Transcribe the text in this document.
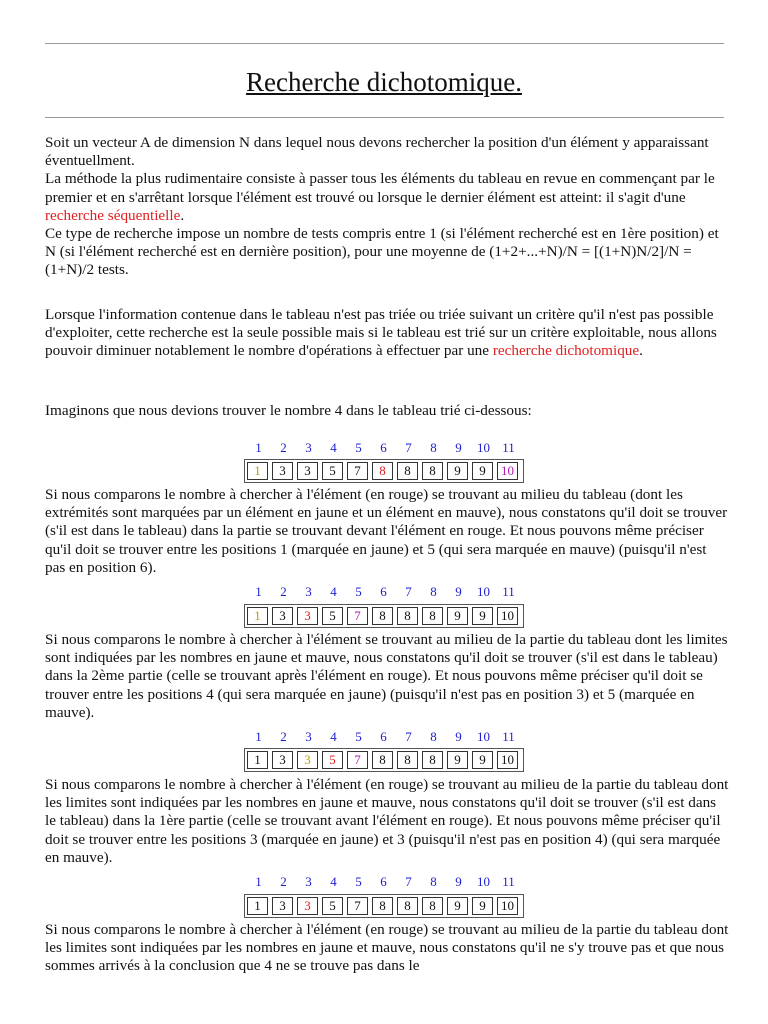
Recherche dichotomique.

Soit un vecteur A de dimension N dans lequel nous devons rechercher la position d'un élément y apparaissant éventuellment.
La méthode la plus rudimentaire consiste à passer tous les éléments du tableau en revue en commençant par le premier et en s'arrêtant lorsque l'élément est trouvé ou lorsque le dernier élément est atteint: il s'agit d'une recherche séquentielle.
Ce type de recherche impose un nombre de tests compris entre 1 (si l'élément recherché est en 1ère position) et N (si l'élément recherché est en dernière position), pour une moyenne de (1+2+...+N)/N = [(1+N)N/2]/N = (1+N)/2 tests.

Lorsque l'information contenue dans le tableau n'est pas triée ou triée suivant un critère qu'il n'est pas possible d'exploiter, cette recherche est la seule possible mais si le tableau est trié sur un critère exploitable, nous allons pouvoir diminuer notablement le nombre d'opérations à effectuer par une recherche dichotomique.

Imaginons que nous devions trouver le nombre 4 dans le tableau trié ci-dessous:

1	2	3	4	5	6	7	8	9	10 11
1 3 3 5 7 8 8 8 9 9 10

Si nous comparons le nombre à chercher à l'élément (en rouge) se trouvant au milieu du tableau (dont les extrémités sont marquées par un élément en jaune et un élément en mauve), nous constatons qu'il doit se trouver (s'il est dans le tableau) dans la partie se trouvant devant l'élément en rouge. Et nous pouvons même préciser qu'il doit se trouver entre les positions 1 (marquée en jaune) et 5 (qui sera marquée en mauve) (puisqu'il n'est pas en position 6).

1	2	3	4	5	6	7	8	9	10 11
1 3 3 5 7 8 8 8 9 9 10

Si nous comparons le nombre à chercher à l'élément se trouvant au milieu de la partie du tableau dont les limites sont indiquées par les nombres en jaune et mauve, nous constatons qu'il doit se trouver (s'il est dans le tableau) dans la 2ème partie (celle se trouvant après l'élément en rouge). Et nous pouvons même préciser qu'il doit se trouver entre les positions 4 (qui sera marquée en jaune) (puisqu'il n'est pas en position 3) et 5 (marquée en mauve).

1	2	3	4	5	6	7	8	9	10 11
1 3 3 5 7 8 8 8 9 9 10

Si nous comparons le nombre à chercher à l'élément (en rouge) se trouvant au milieu de la partie du tableau dont les limites sont indiquées par les nombres en jaune et mauve, nous constatons qu'il doit se trouver (s'il est dans le tableau) dans la 1ère partie (celle se trouvant avant l'élément en rouge). Et nous pouvons même préciser qu'il doit se trouver entre les positions 3 (marquée en jaune) et 3 (puisqu'il n'est pas en position 4) (qui sera marquée en mauve).

1	2	3	4	5	6	7	8	9	10 11
1 3 3 5 7 8 8 8 9 9 10

Si nous comparons le nombre à chercher à l'élément (en rouge) se trouvant au milieu de la partie du tableau dont les limites sont indiquées par les nombres en jaune et mauve, nous constatons qu'il ne s'y trouve pas et que nous sommes arrivés à la conclusion que 4 ne se trouve pas dans le
